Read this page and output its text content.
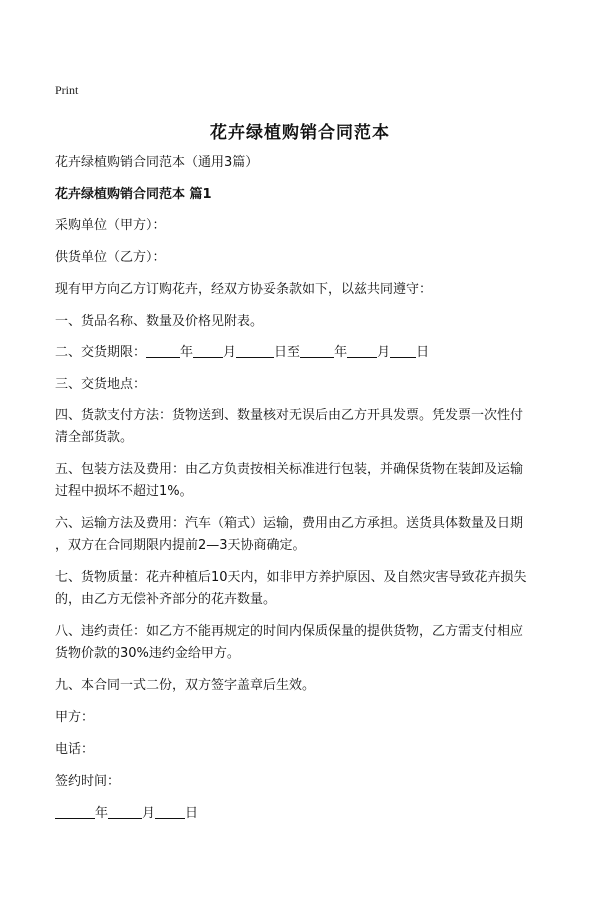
Print
花卉绿植购销合同范本
花卉绿植购销合同范本（通用3篇）
花卉绿植购销合同范本 篇1
采购单位（甲方）：
供货单位（乙方）：
现有甲方向乙方订购花卉，经双方协妥条款如下，以兹共同遵守：
一、货品名称、数量及价格见附表。
二、交货期限：	年 月	日至	年 月 日
三、交货地点：
四、货款支付方法：货物送到、数量核对无误后由乙方开具发票。凭发票一次性付
清全部货款。
五、包装方法及费用：由乙方负责按相关标准进行包装，并确保货物在装卸及运输
过程中损坏不超过1%。
六、运输方法及费用：汽车（箱式）运输，费用由乙方承担。送货具体数量及日期
，双方在合同期限内提前2—3天协商确定。
七、货物质量：花卉种植后10天内，如非甲方养护原因、及自然灾害导致花卉损失
的，由乙方无偿补齐部分的花卉数量。
八、违约责任：如乙方不能再规定的时间内保质保量的提供货物，乙方需支付相应
货物价款的30%违约金给甲方。
九、本合同一式二份，双方签字盖章后生效。
甲方：
电话：
签约时间：
年	月 日
